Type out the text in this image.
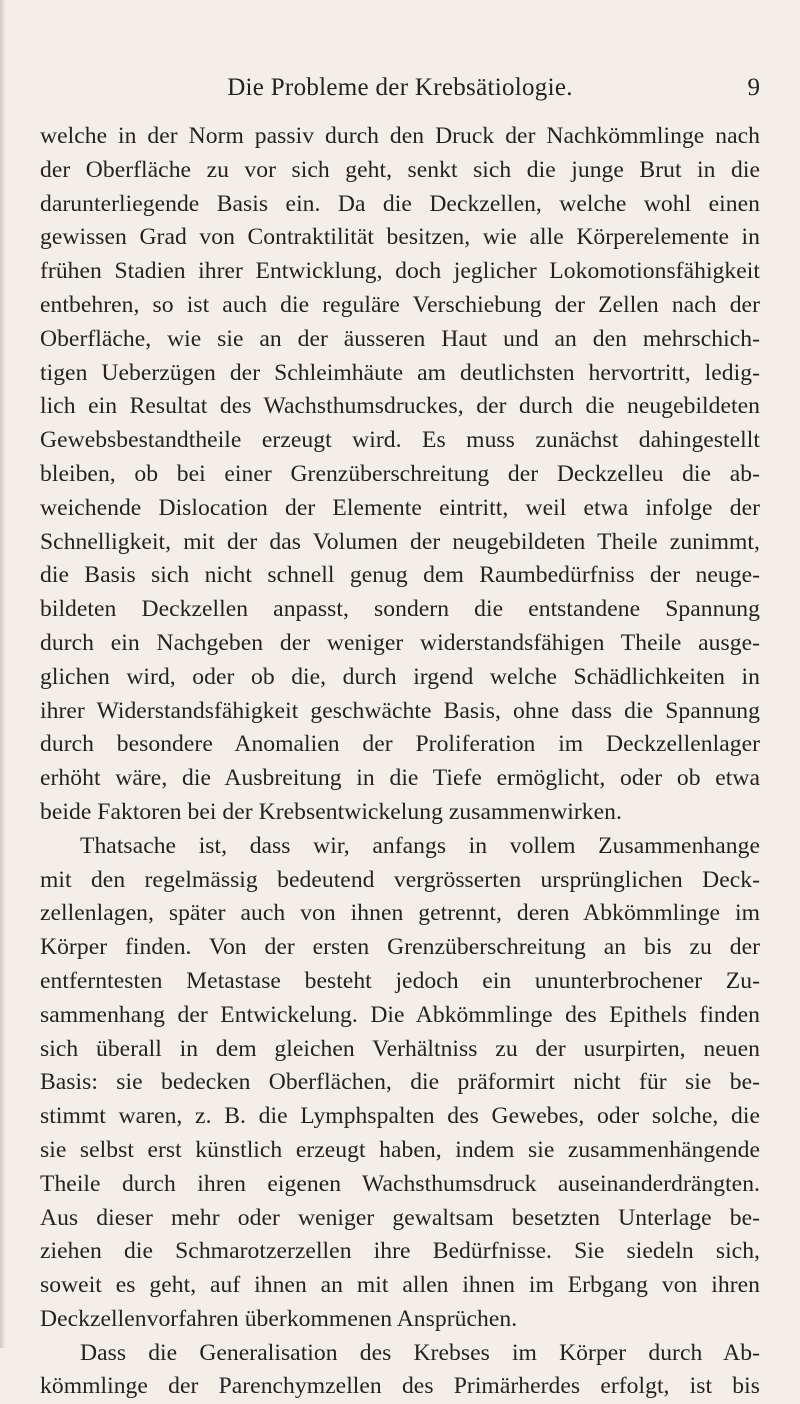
Die Probleme der Krebsätiologie.	9
welche in der Norm passiv durch den Druck der Nachkömmlinge nach
der Oberfläche zu vor sich geht, senkt sich die junge Brut in die
darunterliegende Basis ein. Da die Deckzellen, welche wohl einen
gewissen Grad von Contraktilität besitzen, wie alle Körperelemente in
frühen Stadien ihrer Entwicklung, doch jeglicher Lokomotionsfähigkeit
entbehren, so ist auch die reguläre Verschiebung der Zellen nach der
Oberfläche, wie sie an der äusseren Haut und an den mehrschich-
tigen Ueberzügen der Schleimhäute am deutlichsten hervortritt, ledig-
lich ein Resultat des Wachsthumsdruckes, der durch die neugebildeten
Gewebsbestandtheile erzeugt wird. Es muss zunächst dahingestellt
bleiben, ob bei einer Grenzüberschreitung der Deckzelleu die ab-
weichende Dislocation der Elemente eintritt, weil etwa infolge der
Schnelligkeit, mit der das Volumen der neugebildeten Theile zunimmt,
die Basis sich nicht schnell genug dem Raumbedürfniss der neuge-
bildeten Deckzellen anpasst, sondern die entstandene Spannung
durch ein Nachgeben der weniger widerstandsfähigen Theile ausge-
glichen wird, oder ob die, durch irgend welche Schädlichkeiten in
ihrer Widerstandsfähigkeit geschwächte Basis, ohne dass die Spannung
durch besondere Anomalien der Proliferation im Deckzellenlager
erhöht wäre, die Ausbreitung in die Tiefe ermöglicht, oder ob etwa
beide Faktoren bei der Krebsentwickelung zusammenwirken.
Thatsache ist, dass wir, anfangs in vollem Zusammenhange
mit den regelmässig bedeutend vergrösserten ursprünglichen Deck-
zellenlagen, später auch von ihnen getrennt, deren Abkömmlinge im
Körper finden. Von der ersten Grenzüberschreitung an bis zu der
entferntesten Metastase besteht jedoch ein ununterbrochener Zu-
sammenhang der Entwickelung. Die Abkömmlinge des Epithels finden
sich überall in dem gleichen Verhältniss zu der usurpirten, neuen
Basis: sie bedecken Oberflächen, die präformirt nicht für sie be-
stimmt waren, z. B. die Lymphspalten des Gewebes, oder solche, die
sie selbst erst künstlich erzeugt haben, indem sie zusammenhängende
Theile durch ihren eigenen Wachsthumsdruck auseinanderdrängten.
Aus dieser mehr oder weniger gewaltsam besetzten Unterlage be-
ziehen die Schmarotzerzellen ihre Bedürfnisse. Sie siedeln sich,
soweit es geht, auf ihnen an mit allen ihnen im Erbgang von ihren
Deckzellenvorfahren überkommenen Ansprüchen.
Dass die Generalisation des Krebses im Körper durch Ab-
kömmlinge der Parenchymzellen des Primärherdes erfolgt, ist bis
